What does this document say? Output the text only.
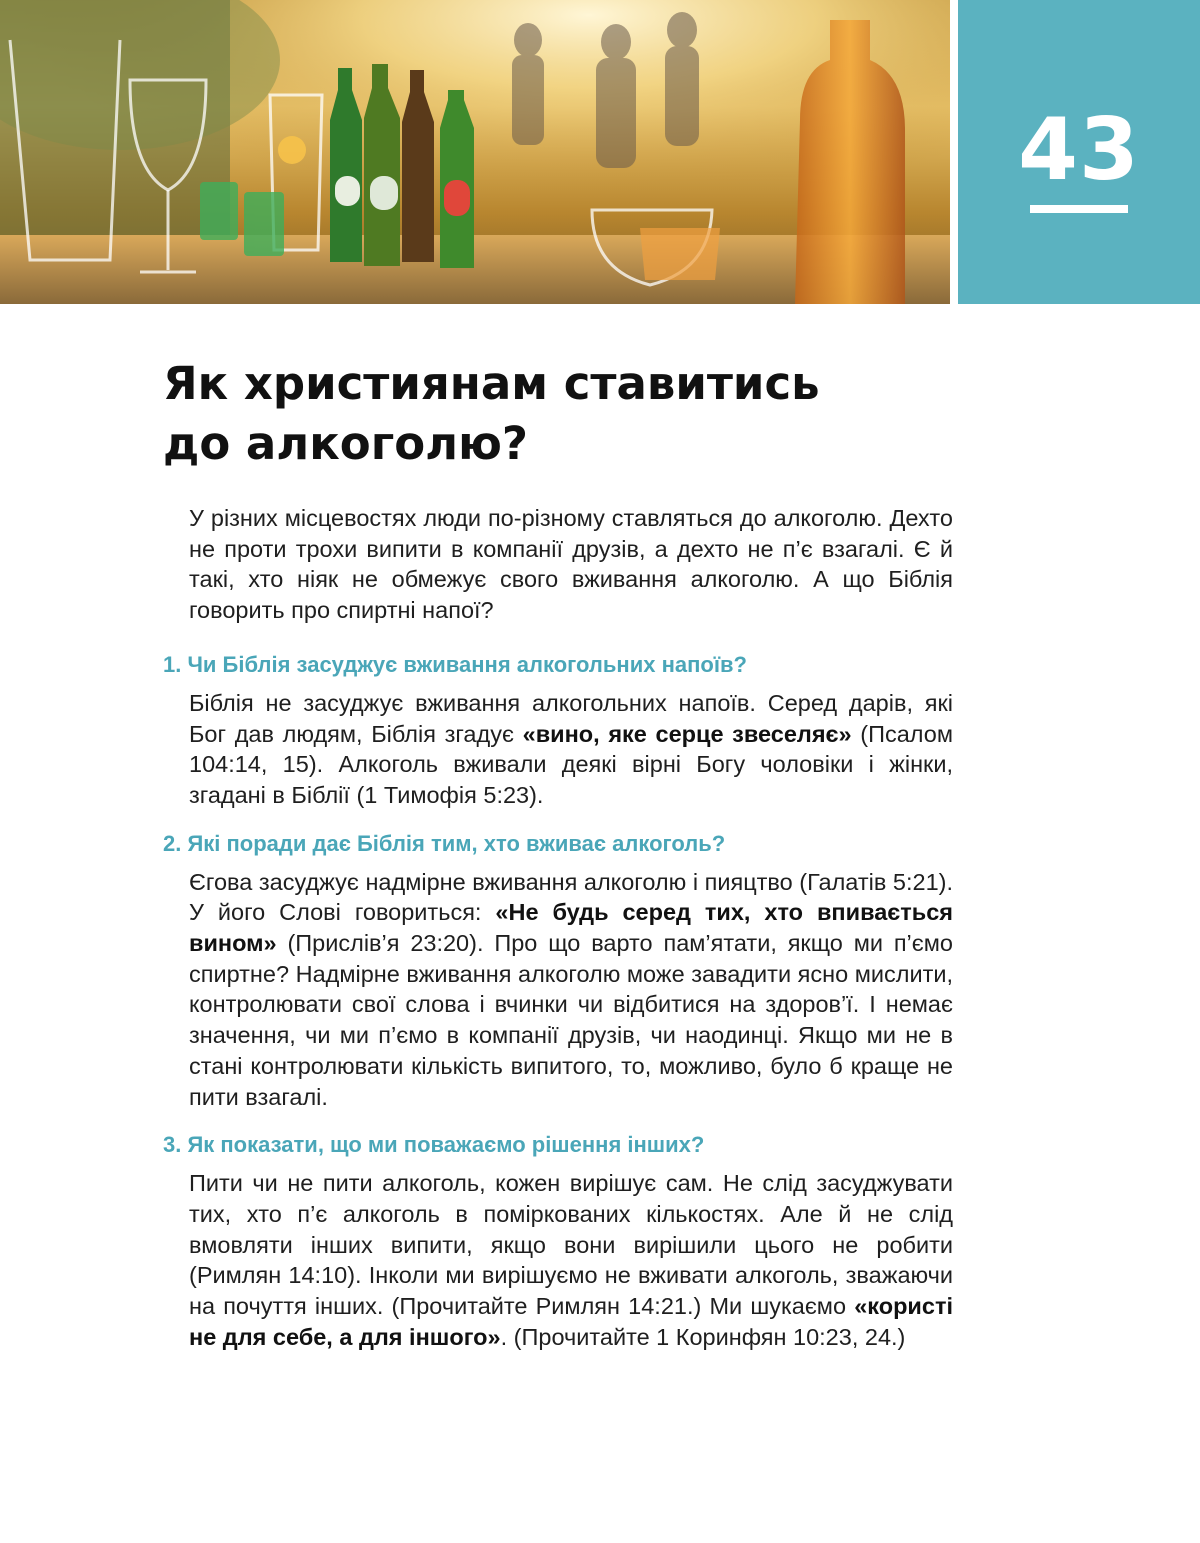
43
Як християнам ставитись
до алкоголю?

У різних місцевостях люди по-різному ставляться до алкоголю. Дехто не проти трохи випити в компанії друзів, а дехто не п’є взагалі. Є й такі, хто ніяк не обмежує свого вживання алкоголю. А що Біблія говорить про спиртні напої?

1. Чи Біблія засуджує вживання алкогольних напоїв?

Біблія не засуджує вживання алкогольних напоїв. Серед дарів, які Бог дав людям, Біблія згадує «вино, яке серце звеселяє» (Псалом 104:14, 15). Алкоголь вживали деякі вірні Богу чоловіки і жінки, згадані в Біблії (1 Тимофія 5:23).

2. Які поради дає Біблія тим, хто вживає алкоголь?

Єгова засуджує надмірне вживання алкоголю і пияцтво (Галатів 5:21). У його Слові говориться: «Не будь серед тих, хто впивається вином» (Прислів’я 23:20). Про що варто пам’ятати, якщо ми п’ємо спиртне? Надмірне вживання алкоголю може завадити ясно мислити, контролювати свої слова і вчинки чи відбитися на здоров’ї. І немає значення, чи ми п’ємо в компанії друзів, чи наодинці. Якщо ми не в стані контролювати кількість випитого, то, можливо, було б краще не пити взагалі.

3. Як показати, що ми поважаємо рішення інших?

Пити чи не пити алкоголь, кожен вирішує сам. Не слід засуджувати тих, хто п’є алкоголь в поміркованих кількостях. Але й не слід вмовляти інших випити, якщо вони вирішили цього не робити (Римлян 14:10). Інколи ми вирішуємо не вживати алкоголь, зважаючи на почуття інших. (Прочитайте Римлян 14:21.) Ми шукаємо «користі не для себе, а для іншого». (Прочитайте 1 Коринфян 10:23, 24.)
